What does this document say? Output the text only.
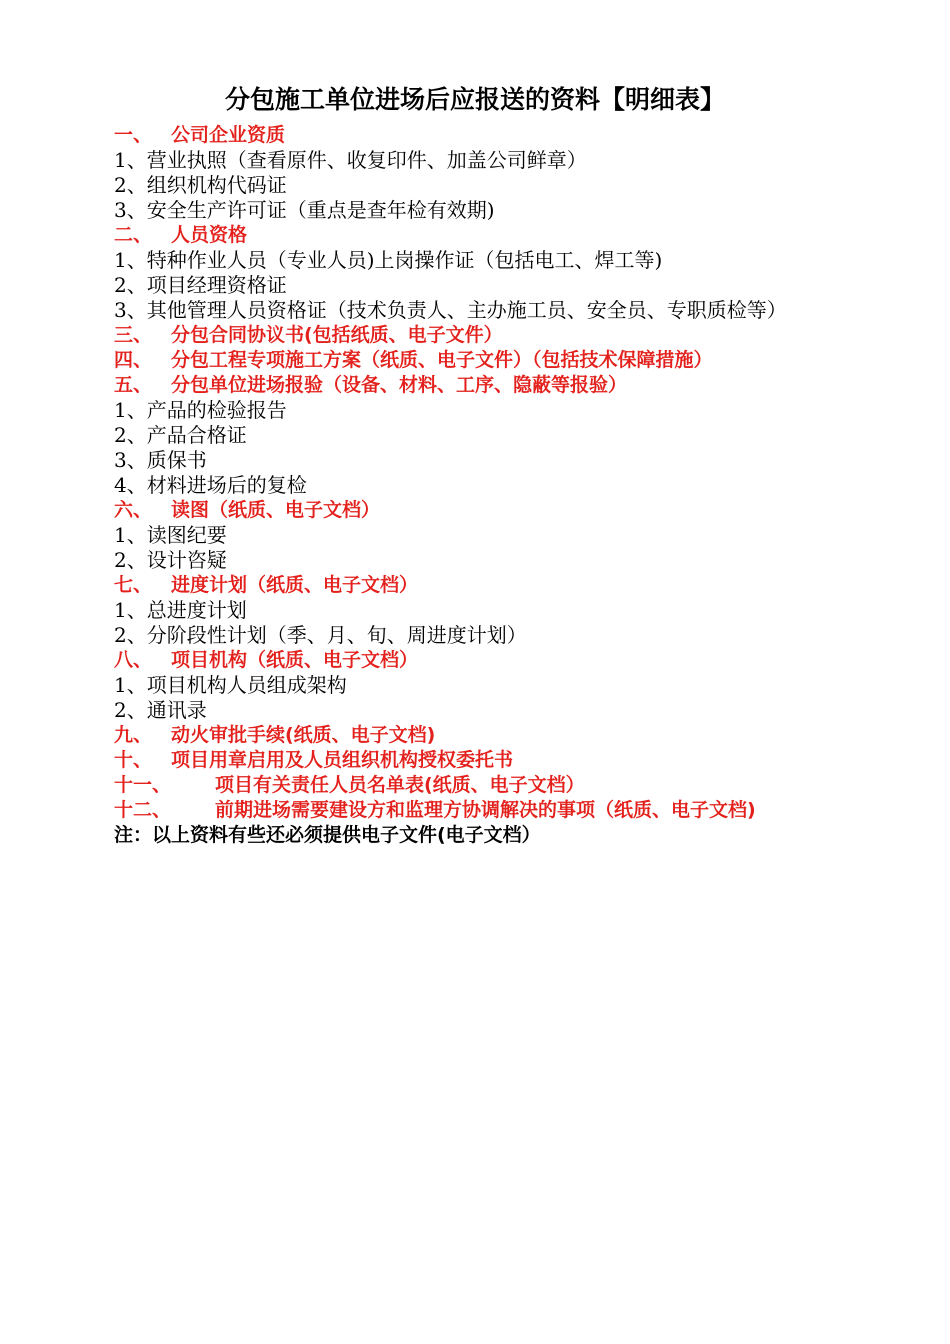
分包施工单位进场后应报送的资料【明细表】
一、 公司企业资质
1、营业执照（查看原件、收复印件、加盖公司鲜章）
2、组织机构代码证
3、安全生产许可证（重点是查年检有效期)
二、 人员资格
1、特种作业人员（专业人员)上岗操作证（包括电工、焊工等)
2、项目经理资格证
3、其他管理人员资格证（技术负责人、主办施工员、安全员、专职质检等）
三、 分包合同协议书(包括纸质、电子文件）
四、 分包工程专项施工方案（纸质、电子文件）（包括技术保障措施）
五、 分包单位进场报验（设备、材料、工序、隐蔽等报验）
1、产品的检验报告
2、产品合格证
3、质保书
4、材料进场后的复检
六、 读图（纸质、电子文档）
1、读图纪要
2、设计咨疑
七、 进度计划（纸质、电子文档）
1、总进度计划
2、分阶段性计划（季、月、旬、周进度计划）
八、 项目机构（纸质、电子文档）
1、项目机构人员组成架构
2、通讯录
九、 动火审批手续(纸质、电子文档)
十、 项目用章启用及人员组织机构授权委托书
十一、 项目有关责任人员名单表(纸质、电子文档）
十二、 前期进场需要建设方和监理方协调解决的事项（纸质、电子文档)
注：以上资料有些还必须提供电子文件(电子文档）
